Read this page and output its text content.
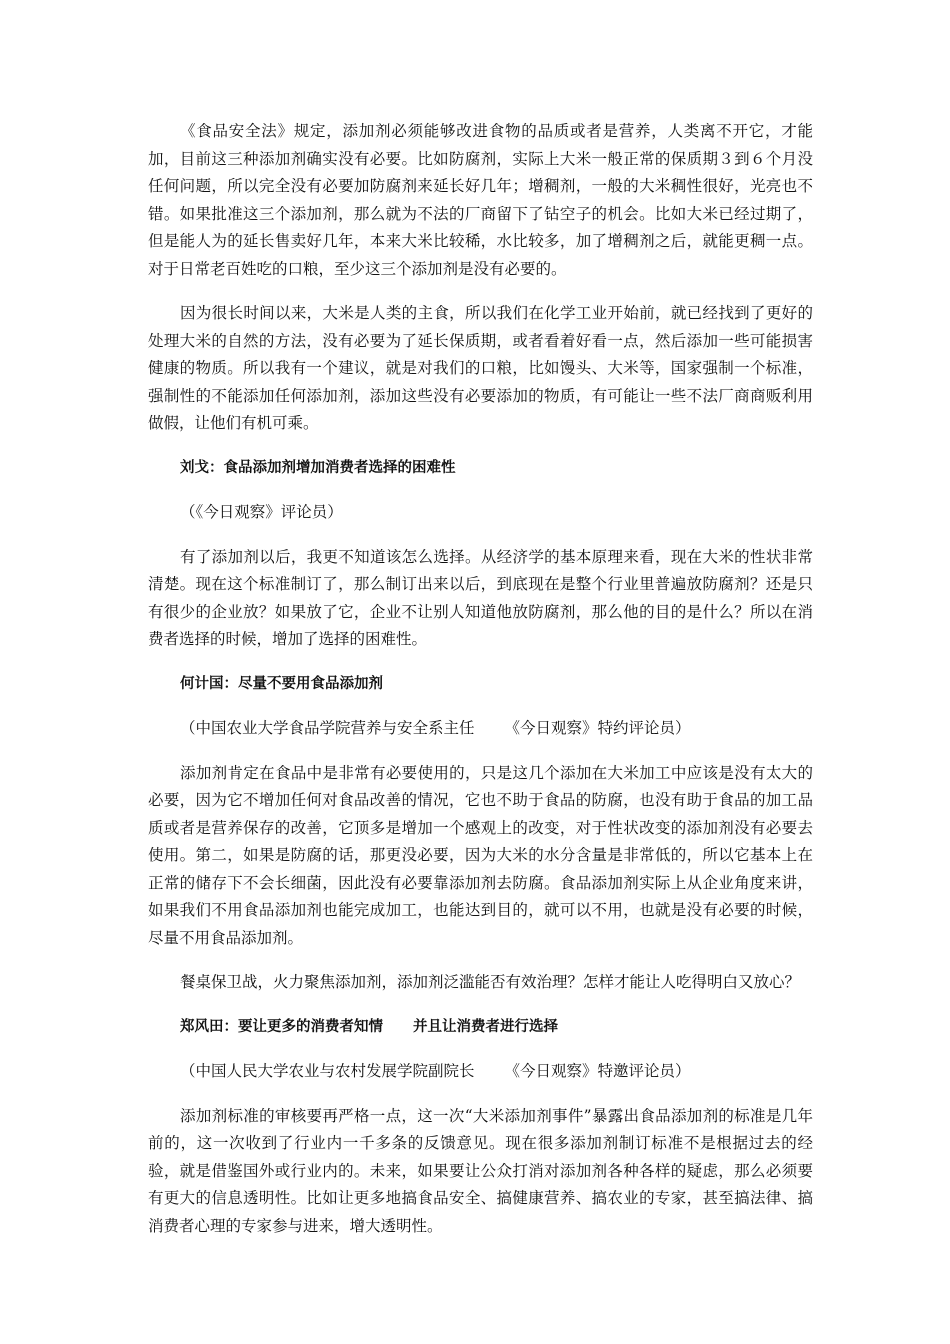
《食品安全法》规定，添加剂必须能够改进食物的品质或者是营养，人类离不开它，才能加，目前这三种添加剂确实没有必要。比如防腐剂，实际上大米一般正常的保质期３到６个月没任何问题，所以完全没有必要加防腐剂来延长好几年；增稠剂，一般的大米稠性很好，光亮也不错。如果批准这三个添加剂，那么就为不法的厂商留下了钻空子的机会。比如大米已经过期了，但是能人为的延长售卖好几年，本来大米比较稀，水比较多，加了增稠剂之后，就能更稠一点。对于日常老百姓吃的口粮，至少这三个添加剂是没有必要的。

因为很长时间以来，大米是人类的主食，所以我们在化学工业开始前，就已经找到了更好的处理大米的自然的方法，没有必要为了延长保质期，或者看着好看一点，然后添加一些可能损害健康的物质。所以我有一个建议，就是对我们的口粮，比如馒头、大米等，国家强制一个标准，强制性的不能添加任何添加剂，添加这些没有必要添加的物质，有可能让一些不法厂商商贩利用做假，让他们有机可乘。

刘戈：食品添加剂增加消费者选择的困难性

（《今日观察》评论员）

有了添加剂以后，我更不知道该怎么选择。从经济学的基本原理来看，现在大米的性状非常清楚。现在这个标准制订了，那么制订出来以后，到底现在是整个行业里普遍放防腐剂？还是只有很少的企业放？如果放了它，企业不让别人知道他放防腐剂，那么他的目的是什么？所以在消费者选择的时候，增加了选择的困难性。

何计国：尽量不要用食品添加剂

（中国农业大学食品学院营养与安全系主任 《今日观察》特约评论员）

添加剂肯定在食品中是非常有必要使用的，只是这几个添加在大米加工中应该是没有太大的必要，因为它不增加任何对食品改善的情况，它也不助于食品的防腐，也没有助于食品的加工品质或者是营养保存的改善，它顶多是增加一个感观上的改变，对于性状改变的添加剂没有必要去使用。第二，如果是防腐的话，那更没必要，因为大米的水分含量是非常低的，所以它基本上在正常的储存下不会长细菌，因此没有必要靠添加剂去防腐。食品添加剂实际上从企业角度来讲，如果我们不用食品添加剂也能完成加工，也能达到目的，就可以不用，也就是没有必要的时候，尽量不用食品添加剂。

餐桌保卫战，火力聚焦添加剂，添加剂泛滥能否有效治理？怎样才能让人吃得明白又放心？

郑风田：要让更多的消费者知情 并且让消费者进行选择

（中国人民大学农业与农村发展学院副院长 《今日观察》特邀评论员）

添加剂标准的审核要再严格一点，这一次“大米添加剂事件”暴露出食品添加剂的标准是几年前的，这一次收到了行业内一千多条的反馈意见。现在很多添加剂制订标准不是根据过去的经验，就是借鉴国外或行业内的。未来，如果要让公众打消对添加剂各种各样的疑虑，那么必须要有更大的信息透明性。比如让更多地搞食品安全、搞健康营养、搞农业的专家，甚至搞法律、搞消费者心理的专家参与进来，增大透明性。
